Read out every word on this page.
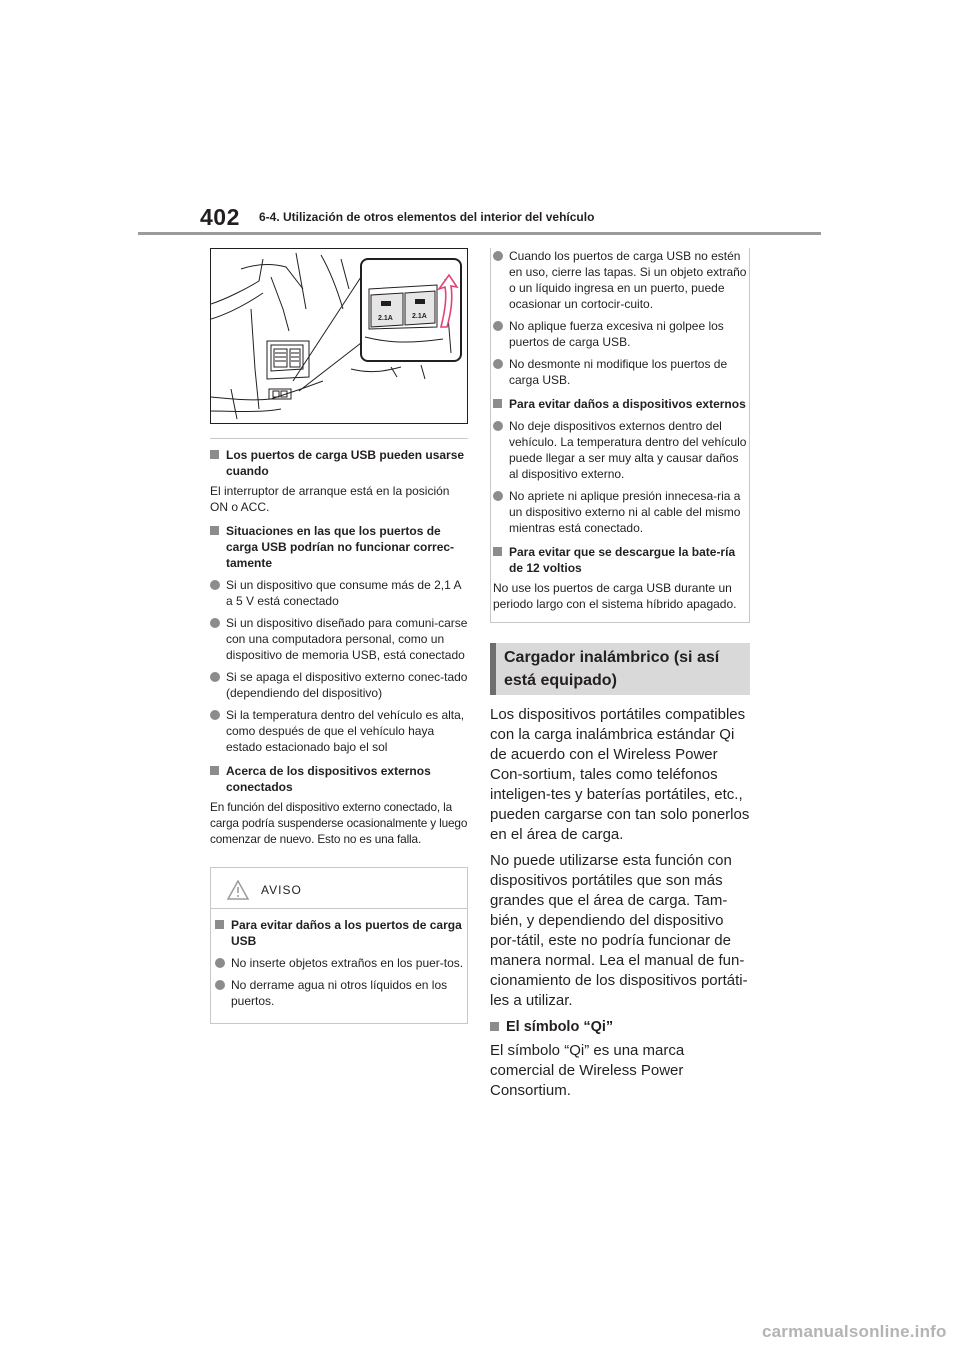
402 6-4. Utilización de otros elementos del interior del vehículo
2.1A	2.1A
Los puertos de carga USB pueden usarse cuando
El interruptor de arranque está en la posición ON o ACC.
Situaciones en las que los puertos de carga USB podrían no funcionar correc-tamente
Si un dispositivo que consume más de 2,1 A a 5 V está conectado
Si un dispositivo diseñado para comuni-carse con una computadora personal, como un dispositivo de memoria USB, está conectado
Si se apaga el dispositivo externo conec-tado (dependiendo del dispositivo)
Si la temperatura dentro del vehículo es alta, como después de que el vehículo haya estado estacionado bajo el sol
Acerca de los dispositivos externos conectados
En función del dispositivo externo conectado, la carga podría suspenderse ocasionalmente y luego comenzar de nuevo. Esto no es una falla.
AVISO
Para evitar daños a los puertos de carga USB
No inserte objetos extraños en los puer-tos.
No derrame agua ni otros líquidos en los puertos.
Cuando los puertos de carga USB no estén en uso, cierre las tapas. Si un objeto extraño o un líquido ingresa en un puerto, puede ocasionar un cortocir-cuito.
No aplique fuerza excesiva ni golpee los puertos de carga USB.
No desmonte ni modifique los puertos de carga USB.
Para evitar daños a dispositivos externos
No deje dispositivos externos dentro del vehículo. La temperatura dentro del vehículo puede llegar a ser muy alta y causar daños al dispositivo externo.
No apriete ni aplique presión innecesa-ria a un dispositivo externo ni al cable del mismo mientras está conectado.
Para evitar que se descargue la bate-ría de 12 voltios
No use los puertos de carga USB durante un periodo largo con el sistema híbrido apagado.
Cargador inalámbrico (si así
está equipado)
Los dispositivos portátiles compatibles con la carga inalámbrica estándar Qi de acuerdo con el Wireless Power Con-sortium, tales como teléfonos inteligen-tes y baterías portátiles, etc., pueden cargarse con tan solo ponerlos en el área de carga.
No puede utilizarse esta función con dispositivos portátiles que son más grandes que el área de carga. Tam-bién, y dependiendo del dispositivo por-tátil, este no podría funcionar de manera normal. Lea el manual de fun-cionamiento de los dispositivos portáti-les a utilizar.
El símbolo “Qi”
El símbolo “Qi” es una marca comercial de Wireless Power Consortium.
carmanualsonline.info
